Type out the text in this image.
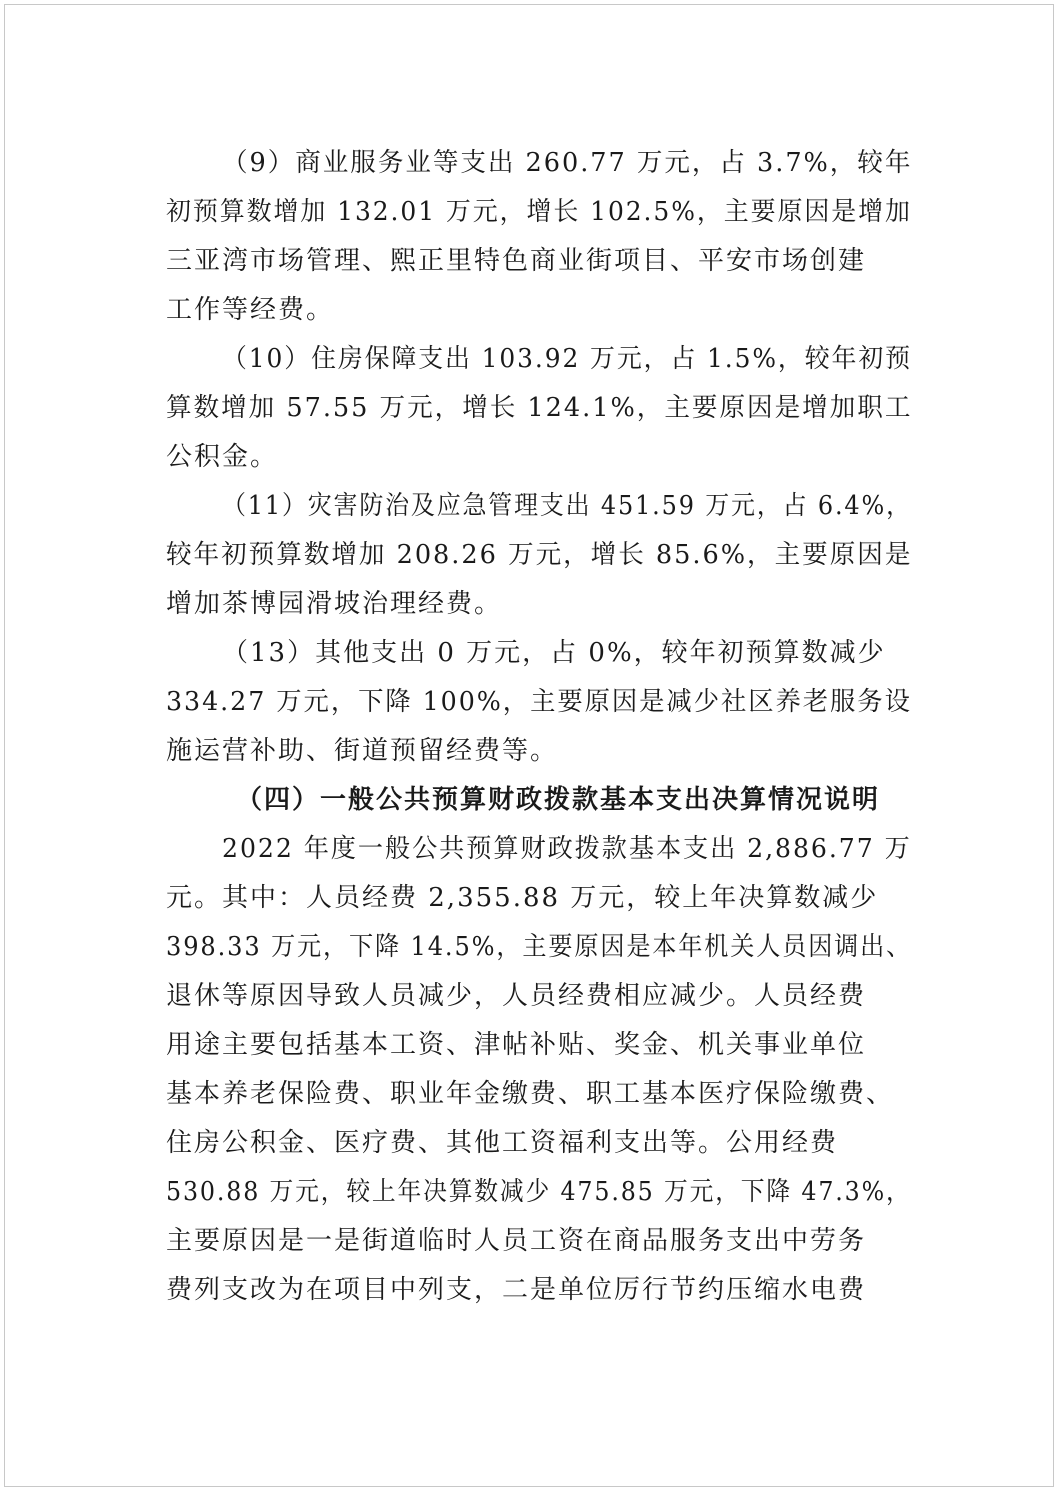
（9）商业服务业等支出 260.77 万元，占 3.7%，较年
初预算数增加 132.01 万元，增长 102.5%，主要原因是增加
三亚湾市场管理、熙正里特色商业街项目、平安市场创建
工作等经费。
（10）住房保障支出 103.92 万元，占 1.5%，较年初预
算数增加 57.55 万元，增长 124.1%，主要原因是增加职工
公积金。
（11）灾害防治及应急管理支出 451.59 万元，占 6.4%，
较年初预算数增加 208.26 万元，增长 85.6%，主要原因是
增加茶博园滑坡治理经费。
（13）其他支出 0 万元，占 0%，较年初预算数减少
334.27 万元，下降 100%，主要原因是减少社区养老服务设
施运营补助、街道预留经费等。
（四）一般公共预算财政拨款基本支出决算情况说明
2022 年度一般公共预算财政拨款基本支出 2,886.77 万
元。其中：人员经费 2,355.88 万元，较上年决算数减少
398.33 万元，下降 14.5%，主要原因是本年机关人员因调出、
退休等原因导致人员减少，人员经费相应减少。人员经费
用途主要包括基本工资、津帖补贴、奖金、机关事业单位
基本养老保险费、职业年金缴费、职工基本医疗保险缴费、
住房公积金、医疗费、其他工资福利支出等。公用经费
530.88 万元，较上年决算数减少 475.85 万元，下降 47.3%，
主要原因是一是街道临时人员工资在商品服务支出中劳务
费列支改为在项目中列支，二是单位厉行节约压缩水电费
